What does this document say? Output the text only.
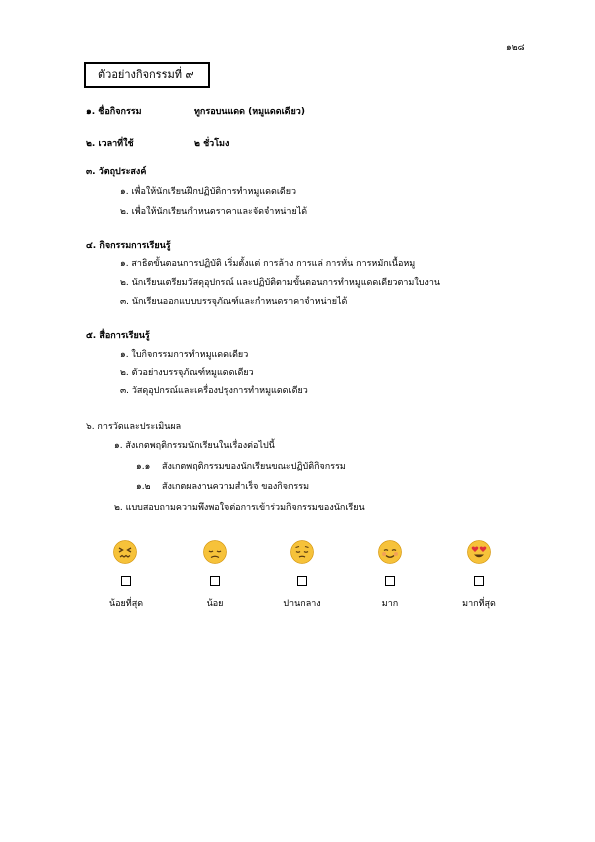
๑๒๘
ตัวอย่างกิจกรรมที่ ๙
๑. ชื่อกิจกรรม	ทูกรอบนแดด (หมูแดดเดียว)
๒. เวลาที่ใช้	๒ ชั่วโมง
๓. วัตถุประสงค์
๑. เพื่อให้นักเรียนฝึกปฏิบัติการทำหมูแดดเดียว
๒. เพื่อให้นักเรียนกำหนดราคาและจัดจำหน่ายได้
๔. กิจกรรมการเรียนรู้
๑. สาธิตขั้นตอนการปฏิบัติ เริ่มตั้งแต่ การล้าง การแล่ การหั่น การหมักเนื้อหมู
๒. นักเรียนเตรียมวัสดุอุปกรณ์ และปฏิบัติตามขั้นตอนการทำหมูแดดเดียวตามใบงาน
๓. นักเรียนออกแบบบรรจุภัณฑ์และกำหนดราคาจำหน่ายได้
๕. สื่อการเรียนรู้
๑. ใบกิจกรรมการทำหมูแดดเดียว
๒. ตัวอย่างบรรจุภัณฑ์หมูแดดเดียว
๓. วัสดุอุปกรณ์และเครื่องปรุงการทำหมูแดดเดียว
๖. การวัดและประเมินผล
๑. สังเกตพฤติกรรมนักเรียนในเรื่องต่อไปนี้
๑.๑ สังเกตพฤติกรรมของนักเรียนขณะปฏิบัติกิจกรรม
๑.๒ สังเกตผลงานความสำเร็จ ของกิจกรรม
๒. แบบสอบถามความพึงพอใจต่อการเข้าร่วมกิจกรรมของนักเรียน
น้อยที่สุด	น้อย	ปานกลาง	มาก	มากที่สุด
